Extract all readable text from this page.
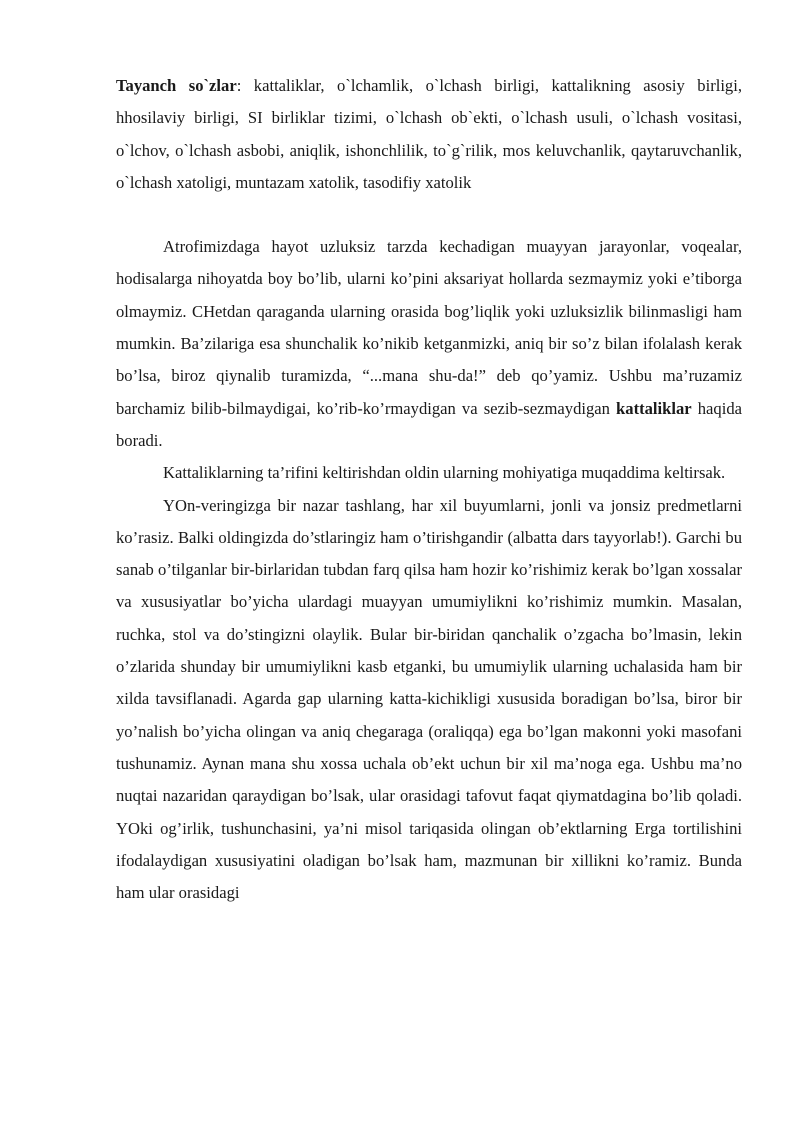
Tayanch so`zlar: kattaliklar, o`lchamlik, o`lchash birligi, kattalikning asosiy birligi, hhosilaviy birligi, SI birliklar tizimi, o`lchash ob`ekti, o`lchash usuli, o`lchash vositasi, o`lchov, o`lchash asbobi, aniqlik, ishonchlilik, to`g`rilik, mos keluvchanlik, qaytaruvchanlik, o`lchash xatoligi, muntazam xatolik, tasodifiy xatolik

Atrofimizdaga hayot uzluksiz tarzda kechadigan muayyan jarayonlar, voqealar, hodisalarga nihoyatda boy bo’lib, ularni ko’pini aksariyat hollarda sezmaymiz yoki e’tiborga olmaymiz. CHetdan qaraganda ularning orasida bog’liqlik yoki uzluksizlik bilinmasligi ham mumkin. Ba’zilariga esa shunchalik ko’nikib ketganmizki, aniq bir so’z bilan ifolalash kerak bo’lsa, biroz qiynalib turamizda, “...mana shu-da!” deb qo’yamiz. Ushbu ma’ruzamiz barchamiz bilib-bilmaydigai, ko’rib-ko’rmaydigan va sezib-sezmaydigan kattaliklar haqida boradi.

Kattaliklarning ta’rifini keltirishdan oldin ularning mohiyatiga muqaddima keltirsak.

YOn-veringizga bir nazar tashlang, har xil buyumlarni, jonli va jonsiz predmetlarni ko’rasiz. Balki oldingizda do’stlaringiz ham o’tirishgandir (albatta dars tayyorlab!). Garchi bu sanab o’tilganlar bir-birlaridan tubdan farq qilsa ham hozir ko’rishimiz kerak bo’lgan xossalar va xususiyatlar bo’yicha ulardagi muayyan umumiylikni ko’rishimiz mumkin. Masalan, ruchka, stol va do’stingizni olaylik. Bular bir-biridan qanchalik o’zgacha bo’lmasin, lekin o’zlarida shunday bir umumiylikni kasb etganki, bu umumiylik ularning uchalasida ham bir xilda tavsiflanadi. Agarda gap ularning katta-kichikligi xususida boradigan bo’lsa, biror bir yo’nalish bo’yicha olingan va aniq chegaraga (oraliqqa) ega bo’lgan makonni yoki masofani tushunamiz. Aynan mana shu xossa uchala ob’ekt uchun bir xil ma’noga ega. Ushbu ma’no nuqtai nazaridan qaraydigan bo’lsak, ular orasidagi tafovut faqat qiymatdagina bo’lib qoladi. YOki og’irlik, tushunchasini, ya’ni misol tariqasida olingan ob’ektlarning Erga tortilishini ifodalaydigan xususiyatini oladigan bo’lsak ham, mazmunan bir xillikni ko’ramiz. Bunda ham ular orasidagi
